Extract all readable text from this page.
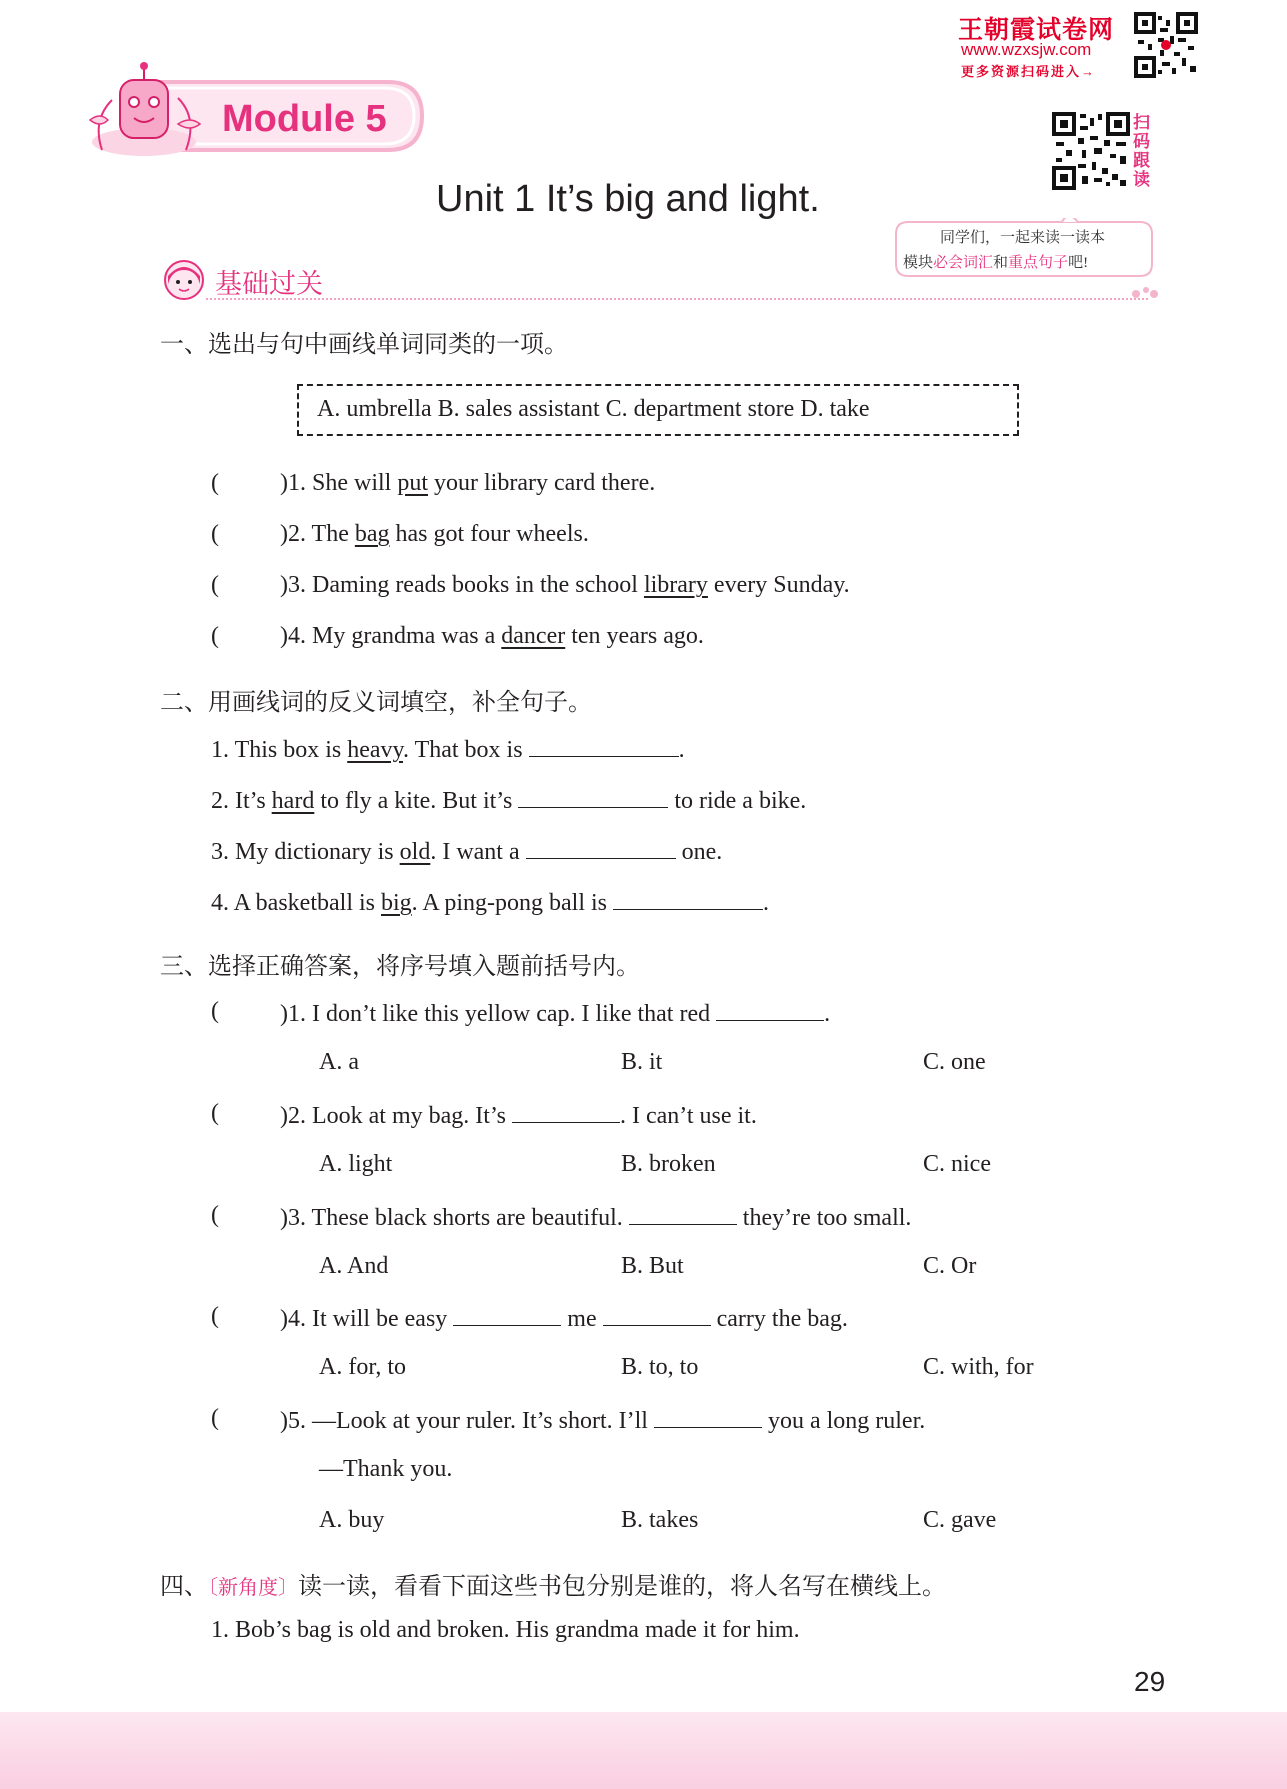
王朝霞试卷网
www.wzxsjw.com
更多资源扫码进入→
扫码跟读
Module 5
Unit 1 It’s big and light.
同学们，一起来读一读本
模块必会词汇和重点句子吧!
基础过关
一、选出与句中画线单词同类的一项。
A. umbrella B. sales assistant C. department store D. take
(	)1. She will put your library card there.
(	)2. The bag has got four wheels.
(	)3. Daming reads books in the school library every Sunday.
(	)4. My grandma was a dancer ten years ago.
二、用画线词的反义词填空，补全句子。
1. This box is heavy. That box is	.
2. It’s hard to fly a kite. But it’s	to ride a bike.
3. My dictionary is old. I want a	one.
4. A basketball is big. A ping-pong ball is	.
三、选择正确答案，将序号填入题前括号内。
(	)1. I don’t like this yellow cap. I like that red	.
A. a	B. it	C. one
(	)2. Look at my bag. It’s	. I can’t use it.
A. light	B. broken	C. nice
(	)3. These black shorts are beautiful.	they’re too small.
A. And	B. But	C. Or
(	)4. It will be easy	me	carry the bag.
A. for, to	B. to, to	C. with, for
(	)5. —Look at your ruler. It’s short. I’ll	you a long ruler.
—Thank you.
A. buy	B. takes	C. gave
四、〔新角度〕读一读，看看下面这些书包分别是谁的，将人名写在横线上。
1. Bob’s bag is old and broken. His grandma made it for him.
29
